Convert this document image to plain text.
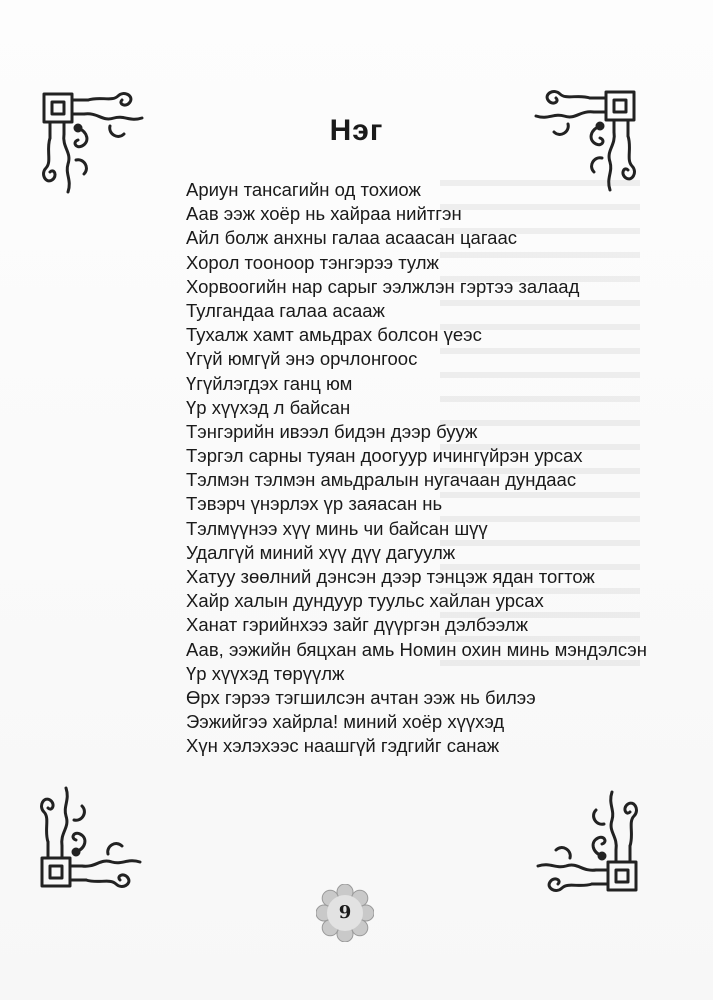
Нэг
Ариун тансагийн од тохиож
Аав ээж хоёр нь хайраа нийтгэн
Айл болж анхны галаа асаасан цагаас
Хорол тооноор тэнгэрээ тулж
Хорвоогийн нар сарыг ээлжлэн гэртээ залаад
Тулгандаа галаа асааж
Тухалж хамт амьдрах болсон үеэс
Үгүй юмгүй энэ орчлонгоос
Үгүйлэгдэх ганц юм
Үр хүүхэд л байсан
Тэнгэрийн ивээл бидэн дээр бууж
Тэргэл сарны туяан доогуур ичингүйрэн урсах
Тэлмэн тэлмэн амьдралын нугачаан дундаас
Тэвэрч үнэрлэх үр заяасан нь
Тэлмүүнээ хүү минь чи байсан шүү
Удалгүй миний хүү дүү дагуулж
Хатуу зөөлний дэнсэн дээр тэнцэж ядан тогтож
Хайр халын дундуур туульс хайлан урсах
Ханат гэрийнхээ зайг дүүргэн дэлбээлж
Аав, ээжийн бяцхан амь Номин охин минь мэндэлсэн
Үр хүүхэд төрүүлж
Өрх гэрээ тэгшилсэн ачтан ээж нь билээ
Ээжийгээ хайрла! миний хоёр хүүхэд
Хүн хэлэхээс наашгүй гэдгийг санаж
9
